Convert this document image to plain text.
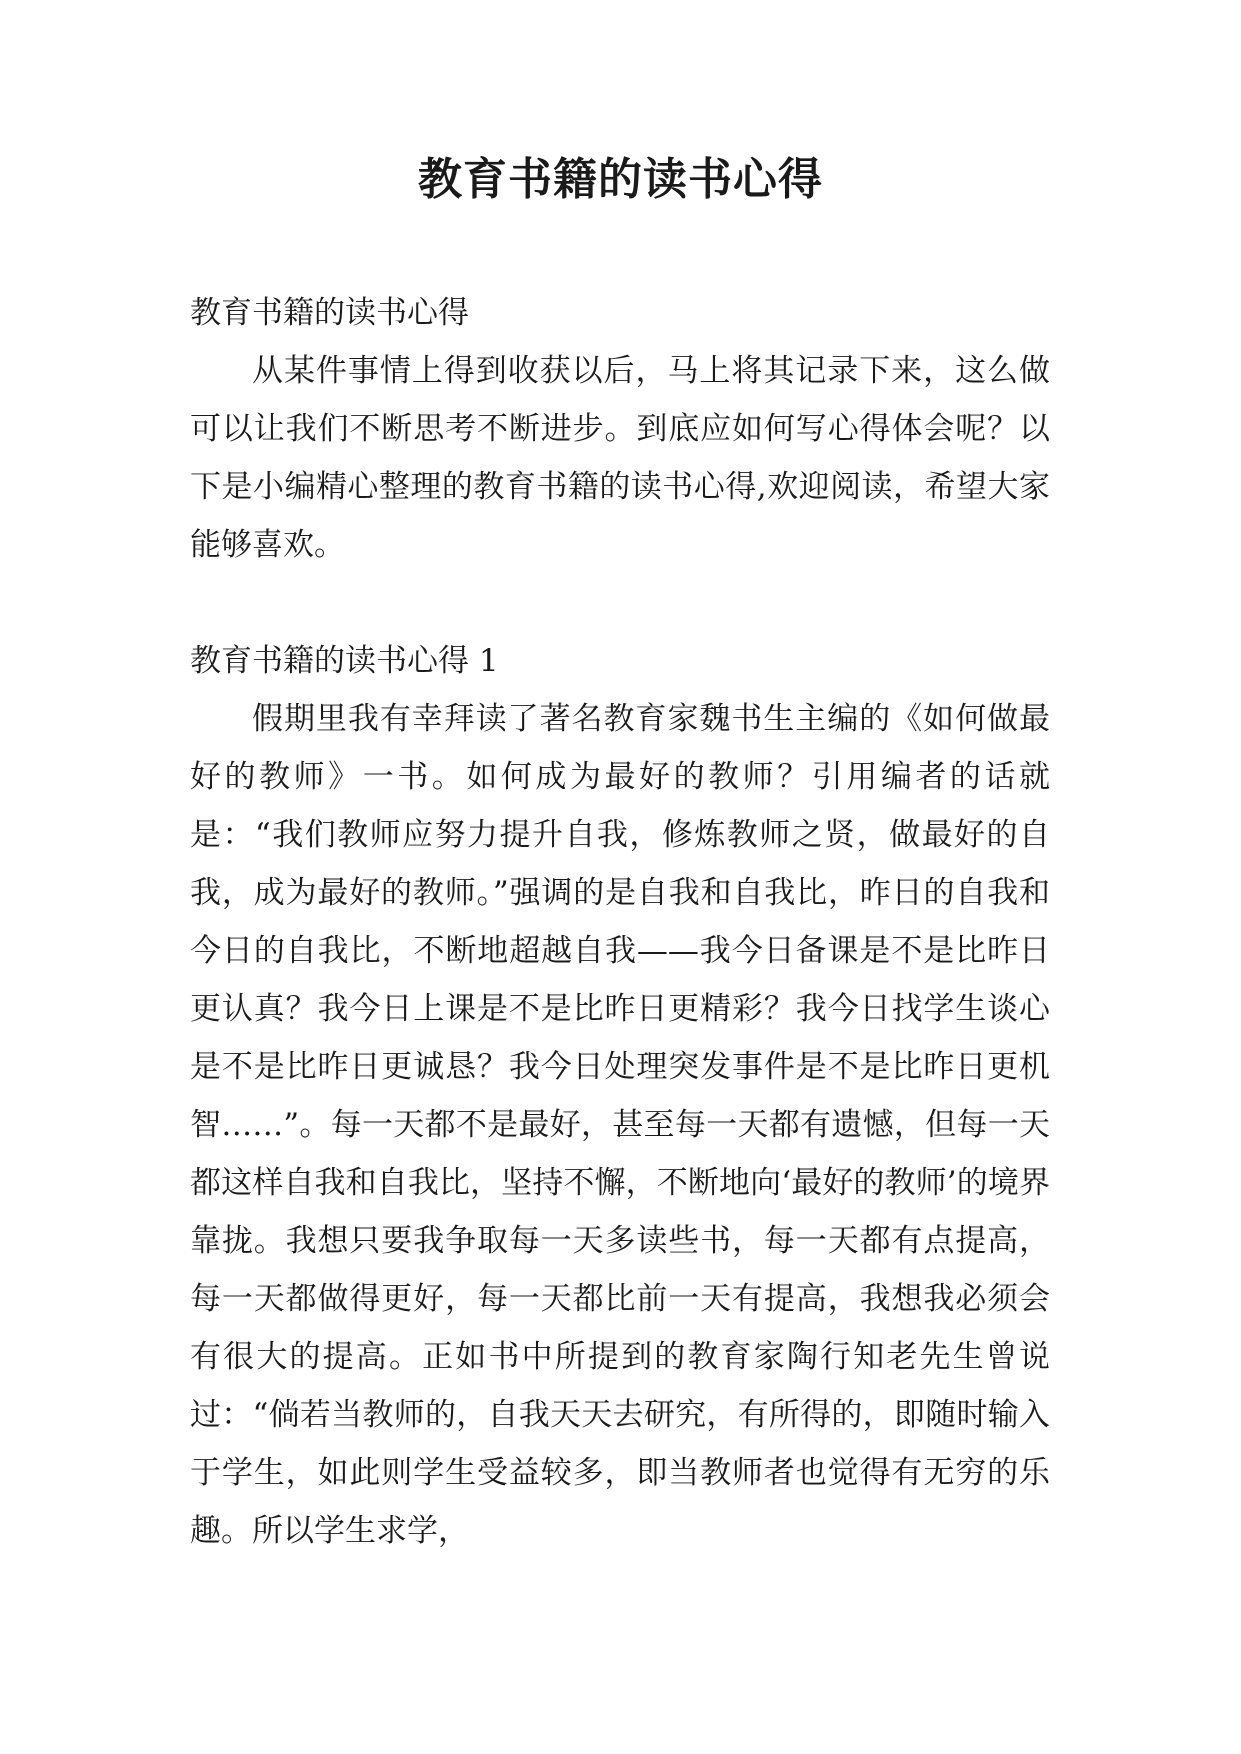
教育书籍的读书心得

教育书籍的读书心得

从某件事情上得到收获以后，马上将其记录下来，这么做可以让我们不断思考不断进步。到底应如何写心得体会呢？以下是小编精心整理的教育书籍的读书心得,欢迎阅读，希望大家能够喜欢。

教育书籍的读书心得 1

假期里我有幸拜读了著名教育家魏书生主编的《如何做最好的教师》一书。如何成为最好的教师？引用编者的话就是：“我们教师应努力提升自我，修炼教师之贤，做最好的自我，成为最好的教师。”强调的是自我和自我比，昨日的自我和今日的自我比，不断地超越自我——我今日备课是不是比昨日更认真？我今日上课是不是比昨日更精彩？我今日找学生谈心是不是比昨日更诚恳？我今日处理突发事件是不是比昨日更机智……”。每一天都不是最好，甚至每一天都有遗憾，但每一天都这样自我和自我比，坚持不懈，不断地向‘最好的教师’的境界靠拢。我想只要我争取每一天多读些书，每一天都有点提高，每一天都做得更好，每一天都比前一天有提高，我想我必须会有很大的提高。正如书中所提到的教育家陶行知老先生曾说过：“倘若当教师的，自我天天去研究，有所得的，即随时输入于学生，如此则学生受益较多，即当教师者也觉得有无穷的乐趣。所以学生求学，
